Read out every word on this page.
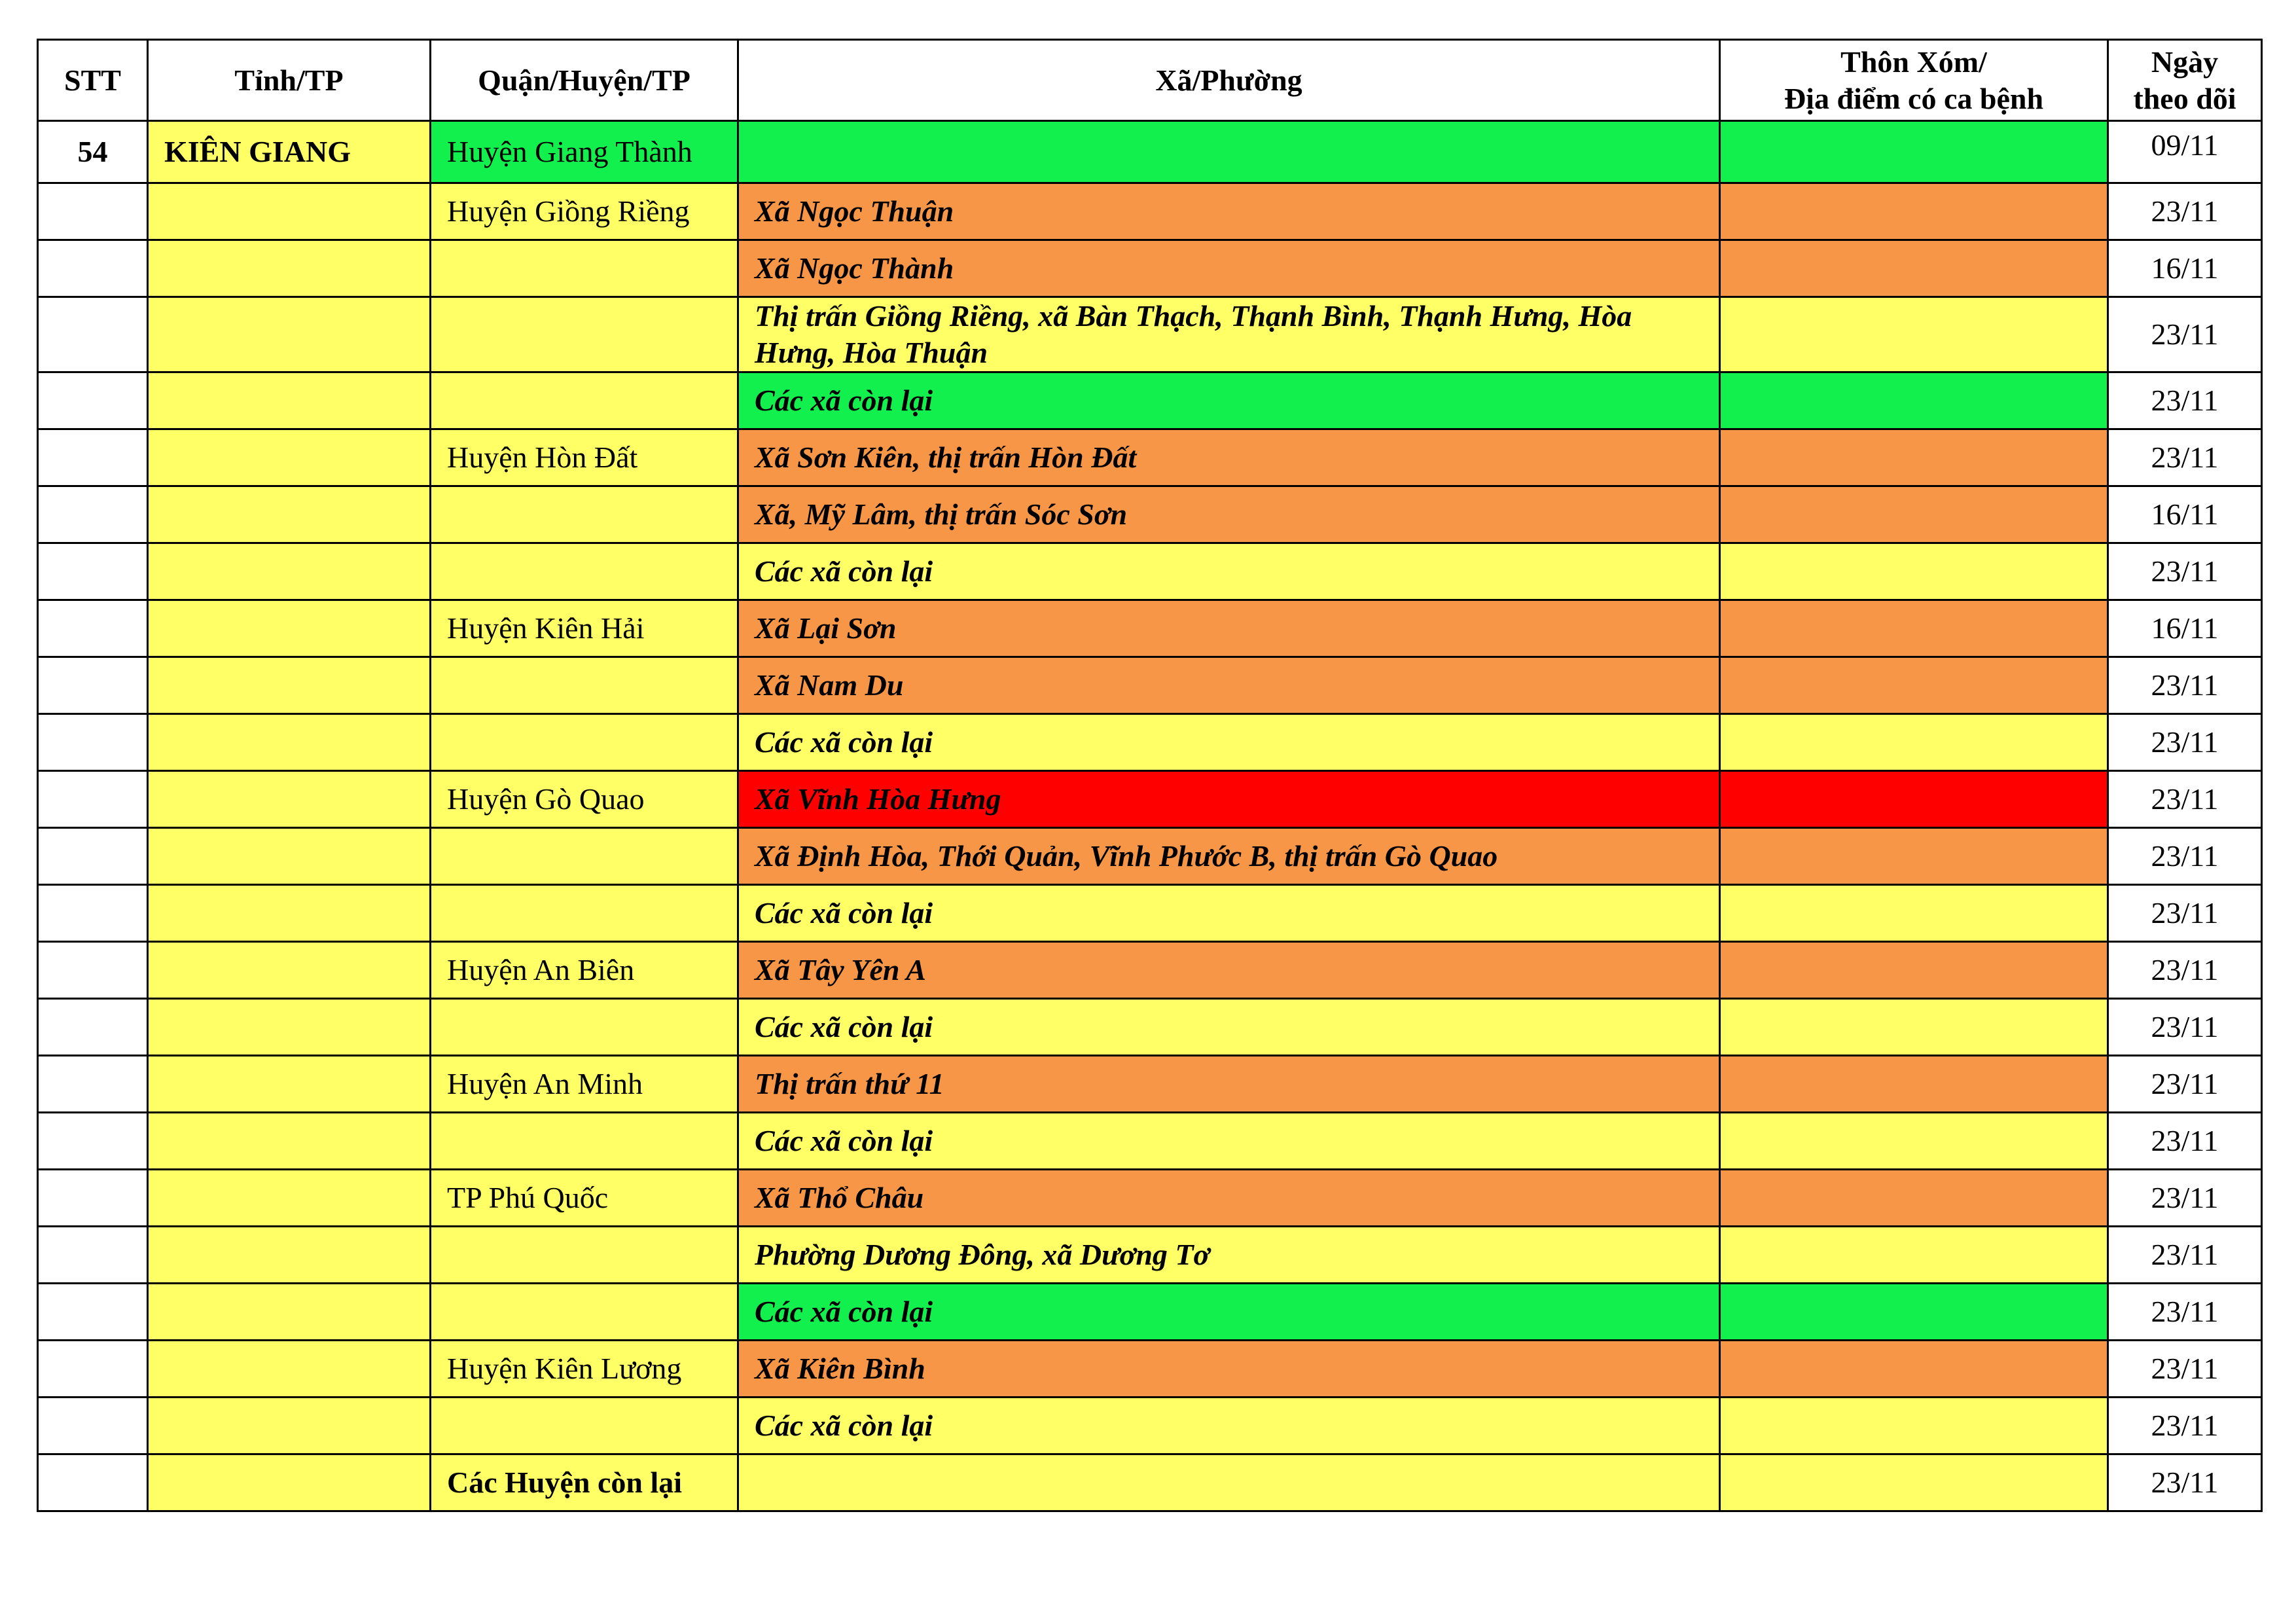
STT	Tỉnh/TP	Quận/Huyện/TP	Xã/Phường	Thôn Xóm/
Địa điểm có ca bệnh	Ngày
theo dõi

54	KIÊN GIANG	Huyện Giang Thành			09/11
		Huyện Giồng Riềng	Xã Ngọc Thuận		23/11
			Xã Ngọc Thành		16/11
			Thị trấn Giồng Riềng, xã Bàn Thạch, Thạnh Bình, Thạnh Hưng, Hòa Hưng, Hòa Thuận		23/11
			Các xã còn lại		23/11
		Huyện Hòn Đất	Xã Sơn Kiên, thị trấn Hòn Đất		23/11
			Xã, Mỹ Lâm, thị trấn Sóc Sơn		16/11
			Các xã còn lại		23/11
		Huyện Kiên Hải	Xã Lại Sơn		16/11
			Xã Nam Du		23/11
			Các xã còn lại		23/11
		Huyện Gò Quao	Xã Vĩnh Hòa Hưng		23/11
			Xã Định Hòa, Thới Quản, Vĩnh Phước B, thị trấn Gò Quao		23/11
			Các xã còn lại		23/11
		Huyện An Biên	Xã Tây Yên A		23/11
			Các xã còn lại		23/11
		Huyện An Minh	Thị trấn thứ 11		23/11
			Các xã còn lại		23/11
		TP Phú Quốc	Xã Thổ Châu		23/11
			Phường Dương Đông, xã Dương Tơ		23/11
			Các xã còn lại		23/11
		Huyện Kiên Lương	Xã Kiên Bình		23/11
			Các xã còn lại		23/11
		Các Huyện còn lại			23/11
